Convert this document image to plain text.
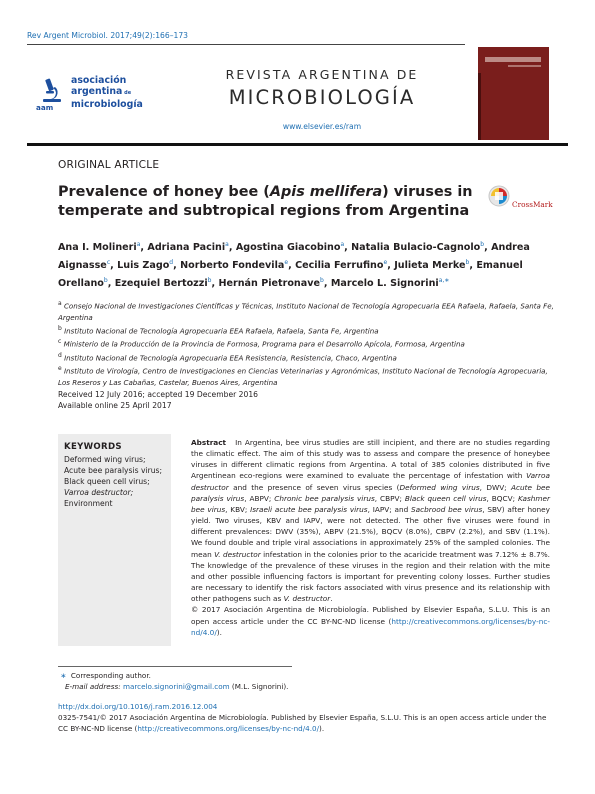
Rev Argent Microbiol. 2017;49(2):166–173
asociación
argentina de
microbiología
aam
REVISTA ARGENTINA DE
MICROBIOLOGÍA
www.elsevier.es/ram
ORIGINAL ARTICLE
Prevalence of honey bee (Apis mellifera) viruses in temperate and subtropical regions from Argentina	CrossMark
Ana I. Molineri$^a$, Adriana Pacini$^a$, Agostina Giacobino$^a$, Natalia Bulacio-Cagnolo$^b$, Andrea Aignasse$^c$, Luis Zago$^d$, Norberto Fondevila$^e$, Cecilia Ferrufino$^e$, Julieta Merke$^b$, Emanuel Orellano$^b$, Ezequiel Bertozzi$^b$, Hernán Pietronave$^b$, Marcelo L. Signorini$^{a,∗}$
$^a$ Consejo Nacional de Investigaciones Científicas y Técnicas, Instituto Nacional de Tecnología Agropecuaria EEA Rafaela, Rafaela, Santa Fe, Argentina
$^b$ Instituto Nacional de Tecnología Agropecuaria EEA Rafaela, Rafaela, Santa Fe, Argentina
$^c$ Ministerio de la Producción de la Provincia de Formosa, Programa para el Desarrollo Apícola, Formosa, Argentina
$^d$ Instituto Nacional de Tecnología Agropecuaria EEA Resistencia, Resistencia, Chaco, Argentina
$^e$ Instituto de Virología, Centro de Investigaciones en Ciencias Veterinarias y Agronómicas, Instituto Nacional de Tecnología Agropecuaria, Los Reseros y Las Cabañas, Castelar, Buenos Aires, Argentina
Received 12 July 2016; accepted 19 December 2016
Available online 25 April 2017
KEYWORDS
Deformed wing virus;
Acute bee paralysis virus;
Black queen cell virus;
Varroa destructor;
Environment

Abstract In Argentina, bee virus studies are still incipient, and there are no studies regarding the climatic effect. The aim of this study was to assess and compare the presence of honeybee viruses in different climatic regions from Argentina. A total of 385 colonies distributed in five Argentinean eco-regions were examined to evaluate the percentage of infestation with Varroa destructor and the presence of seven virus species (Deformed wing virus, DWV; Acute bee paralysis virus, ABPV; Chronic bee paralysis virus, CBPV; Black queen cell virus, BQCV; Kashmer bee virus, KBV; Israeli acute bee paralysis virus, IAPV; and Sacbrood bee virus, SBV) after honey yield. Two viruses, KBV and IAPV, were not detected. The other five viruses were found in different prevalences: DWV (35%), ABPV (21.5%), BQCV (8.0%), CBPV (2.2%), and SBV (1.1%). We found double and triple viral associations in approximately 25% of the sampled colonies. The mean V. destructor infestation in the colonies prior to the acaricide treatment was 7.12% ± 8.7%. The knowledge of the prevalence of these viruses in the region and their relation with the mite and other possible influencing factors is important for preventing colony losses. Further studies are necessary to identify the risk factors associated with virus presence and its relationship with other pathogens such as V. destructor.

© 2017 Asociación Argentina de Microbiología. Published by Elsevier España, S.L.U. This is an open access article under the CC BY-NC-ND license (http://creativecommons.org/licenses/by-nc-nd/4.0/).

∗ Corresponding author.
E-mail address: marcelo.signorini@gmail.com (M.L. Signorini).
http://dx.doi.org/10.1016/j.ram.2016.12.004
0325-7541/© 2017 Asociación Argentina de Microbiología. Published by Elsevier España, S.L.U. This is an open access article under the CC BY-NC-ND license (http://creativecommons.org/licenses/by-nc-nd/4.0/).
